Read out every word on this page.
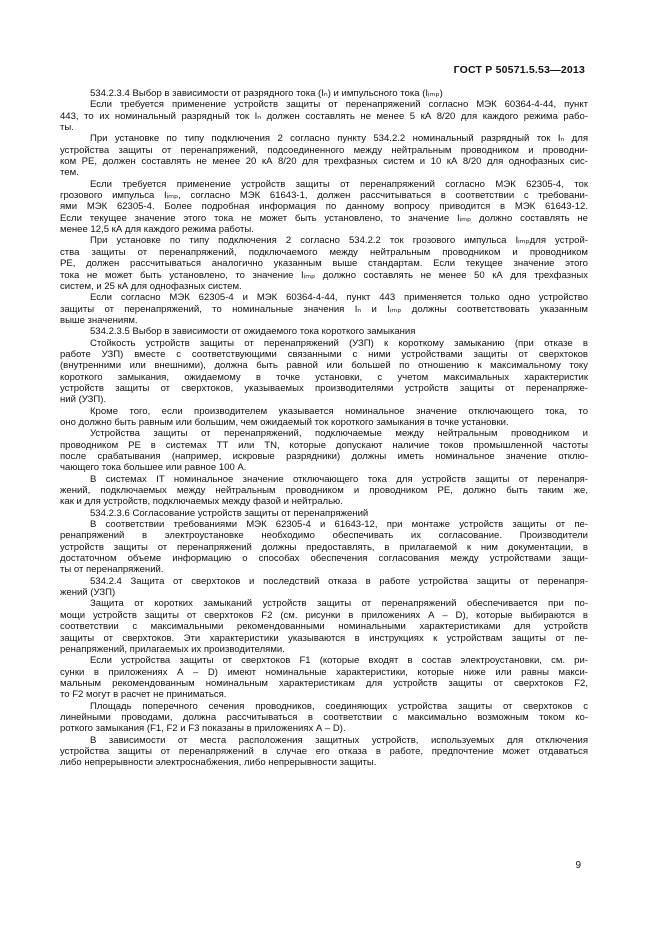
ГОСТ Р 50571.5.53—2013
534.2.3.4 Выбор в зависимости от разрядного тока (Iₙ) и импульсного тока (Iᵢₘₚ)
Если требуется применение устройств защиты от перенапряжений согласно МЭК 60364-4-44, пункт
443, то их номинальный разрядный ток Iₙ должен составлять не менее 5 кА 8/20 для каждого режима рабо-
ты.
При установке по типу подключения 2 согласно пункту 534.2.2 номинальный разрядный ток Iₙ для
устройства защиты от перенапряжений, подсоединенного между нейтральным проводником и проводни-
ком PE, должен составлять не менее 20 кА 8/20 для трехфазных систем и 10 кА 8/20 для однофазных сис-
тем.
Если требуется применение устройств защиты от перенапряжений согласно МЭК 62305-4, ток
грозового импульса Iᵢₘₚ, согласно МЭК 61643-1, должен рассчитываться в соответствии с требовани-
ями МЭК 62305-4. Более подробная информация по данному вопросу приводится в МЭК 61643-12.
Если текущее значение этого тока не может быть установлено, то значение Iᵢₘₚ должно составлять не
менее 12,5 кА для каждого режима работы.
При установке по типу подключения 2 согласно 534.2.2 ток грозового импульса Iᵢₘₚдля устрой-
ства защиты от перенапряжений, подключаемого между нейтральным проводником и проводником
PE, должен рассчитываться аналогично указанным выше стандартам. Если текущее значение этого
тока не может быть установлено, то значение Iᵢₘₚ должно составлять не менее 50 кА для трехфазных
систем, и 25 кА для однофазных систем.
Если согласно МЭК 62305-4 и МЭК 60364-4-44, пункт 443 применяется только одно устройство
защиты от перенапряжений, то номинальные значения Iₙ и Iᵢₘₚ должны соответствовать указанным
выше значениям.
534.2.3.5 Выбор в зависимости от ожидаемого тока короткого замыкания
Стойкость устройств защиты от перенапряжений (УЗП) к короткому замыканию (при отказе в
работе УЗП) вместе с соответствующими связанными с ними устройствами защиты от сверхтоков
(внутренними или внешними), должна быть равной или большей по отношению к максимальному току
короткого замыкания, ожидаемому в точке установки, с учетом максимальных характеристик
устройств защиты от сверхтоков, указываемых производителями устройств защиты от перенапряже-
ний (УЗП).
Кроме того, если производителем указывается номинальное значение отключающего тока, то
оно должно быть равным или большим, чем ожидаемый ток короткого замыкания в точке установки.
Устройства защиты от перенапряжений, подключаемые между нейтральным проводником и
проводником PE в системах TT или TN, которые допускают наличие токов промышленной частоты
после срабатывания (например, искровые разрядники) должны иметь номинальное значение отклю-
чающего тока большее или равное 100 А.
В системах IT номинальное значение отключающего тока для устройств защиты от перенапря-
жений, подключаемых между нейтральным проводником и проводником PE, должно быть таким же,
как и для устройств, подключаемых между фазой и нейтралью.
534.2.3.6 Согласование устройств защиты от перенапряжений
В соответствии требованиями МЭК 62305-4 и 61643-12, при монтаже устройств защиты от пе-
ренапряжений в электроустановке необходимо обеспечивать их согласование. Производители
устройств защиты от перенапряжений должны предоставлять, в прилагаемой к ним документации, в
достаточном объеме информацию о способах обеспечения согласования между устройствами защи-
ты от перенапряжений.
534.2.4 Защита от сверхтоков и последствий отказа в работе устройства защиты от перенапря-
жений (УЗП)
Защита от коротких замыканий устройств защиты от перенапряжений обеспечивается при по-
мощи устройств защиты от сверхтоков F2 (см. рисунки в приложениях А – D), которые выбираются в
соответствии с максимальными рекомендованными номинальными характеристиками для устройств
защиты от сверхтоков. Эти характеристики указываются в инструкциях к устройствам защиты от пе-
ренапряжений, прилагаемых их производителями.
Если устройства защиты от сверхтоков F1 (которые входят в состав электроустановки, см. ри-
сунки в приложениях А – D) имеют номинальные характеристики, которые ниже или равны макси-
мальным рекомендованным номинальным характеристикам для устройств защиты от сверхтоков F2,
то F2 могут в расчет не приниматься.
Площадь поперечного сечения проводников, соединяющих устройства защиты от сверхтоков с
линейными проводами, должна рассчитываться в соответствии с максимально возможным током ко-
роткого замыкания (F1, F2 и F3 показаны в приложениях А – D).
В зависимости от места расположения защитных устройств, используемых для отключения
устройства защиты от перенапряжений в случае его отказа в работе, предпочтение может отдаваться
либо непрерывности электроснабжения, либо непрерывности защиты.
9
